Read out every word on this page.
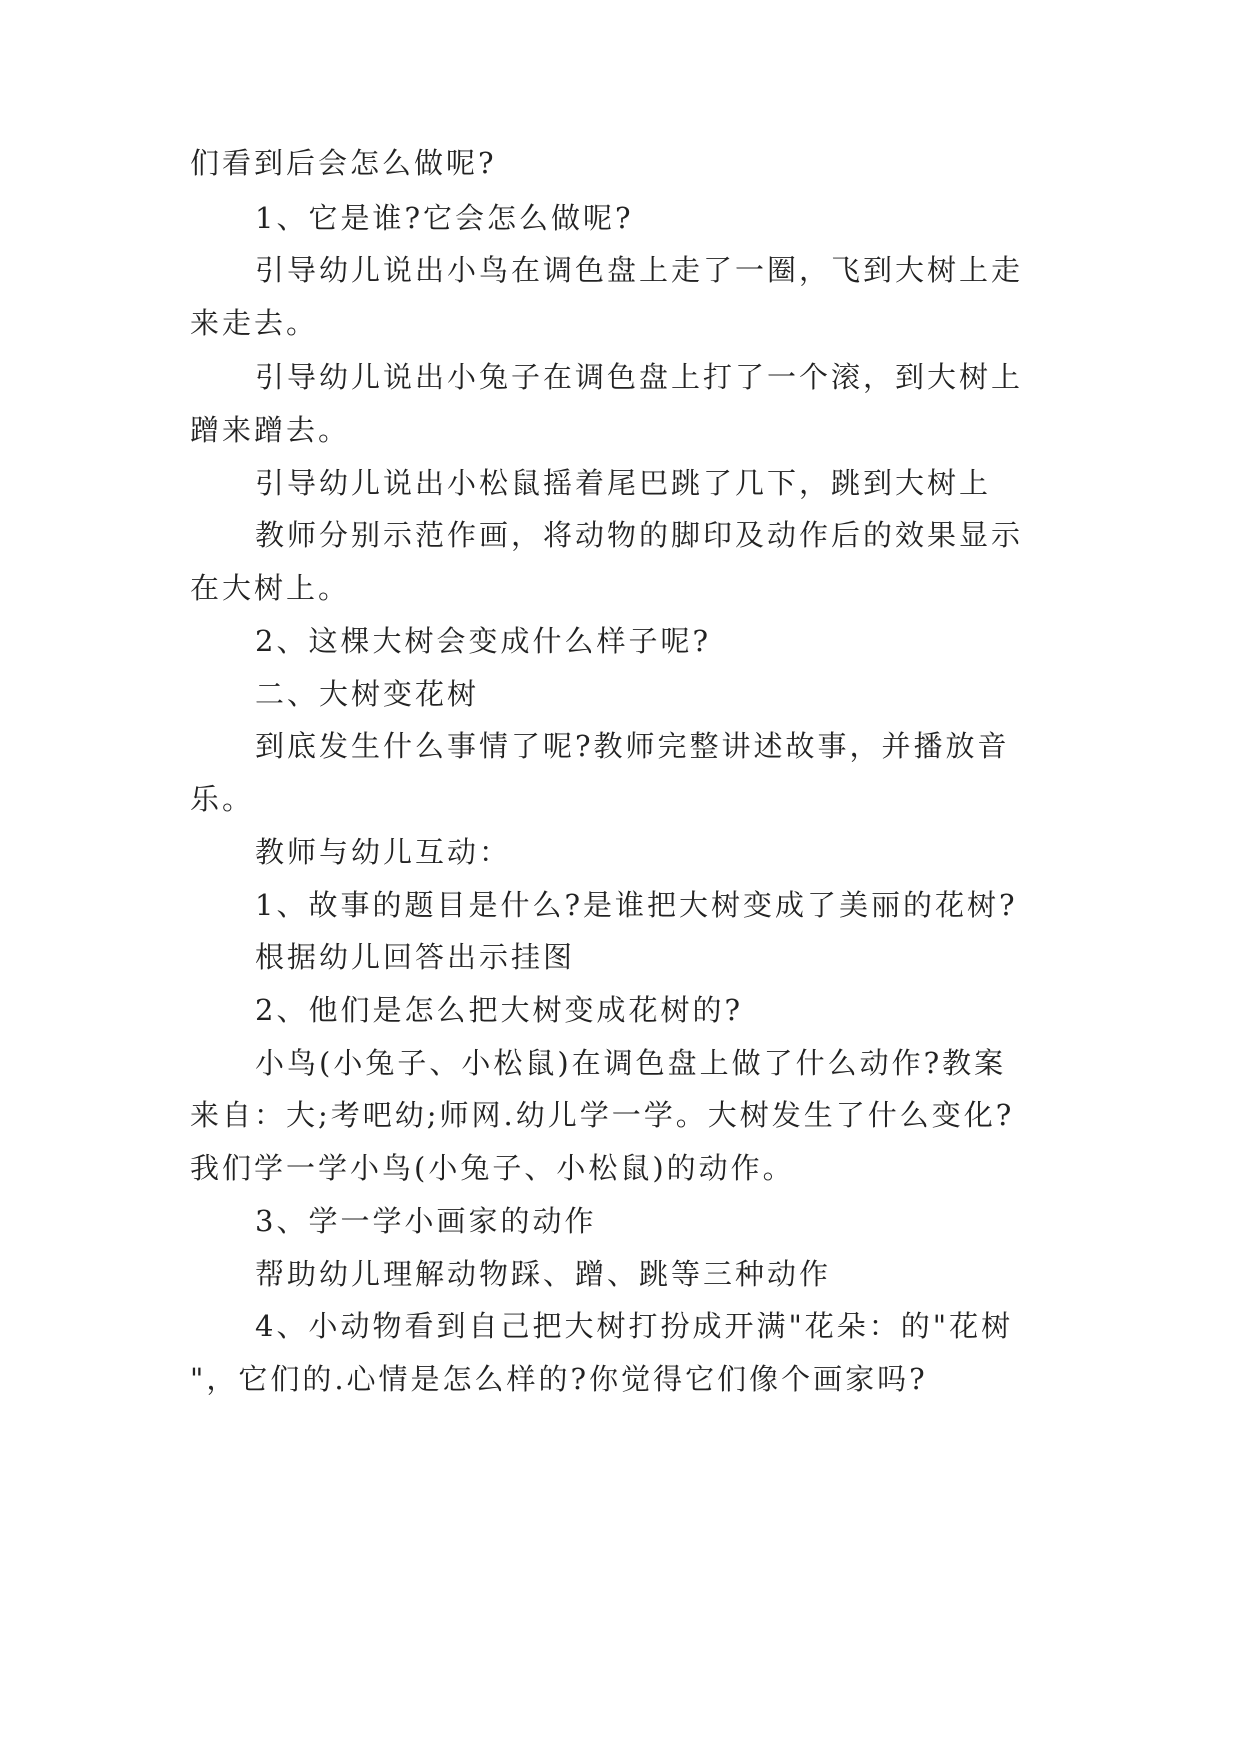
们看到后会怎么做呢?
1、它是谁?它会怎么做呢?
引导幼儿说出小鸟在调色盘上走了一圈，飞到大树上走
来走去。
引导幼儿说出小兔子在调色盘上打了一个滚，到大树上
蹭来蹭去。
引导幼儿说出小松鼠摇着尾巴跳了几下，跳到大树上
教师分别示范作画，将动物的脚印及动作后的效果显示
在大树上。
2、这棵大树会变成什么样子呢?
二、大树变花树
到底发生什么事情了呢?教师完整讲述故事，并播放音
乐。
教师与幼儿互动：
1、故事的题目是什么?是谁把大树变成了美丽的花树?
根据幼儿回答出示挂图
2、他们是怎么把大树变成花树的?
小鸟(小兔子、小松鼠)在调色盘上做了什么动作?教案
来自：大;考吧幼;师网.幼儿学一学。大树发生了什么变化?
我们学一学小鸟(小兔子、小松鼠)的动作。
3、学一学小画家的动作
帮助幼儿理解动物踩、蹭、跳等三种动作
4、小动物看到自己把大树打扮成开满"花朵：的"花树
"，它们的.心情是怎么样的?你觉得它们像个画家吗?
